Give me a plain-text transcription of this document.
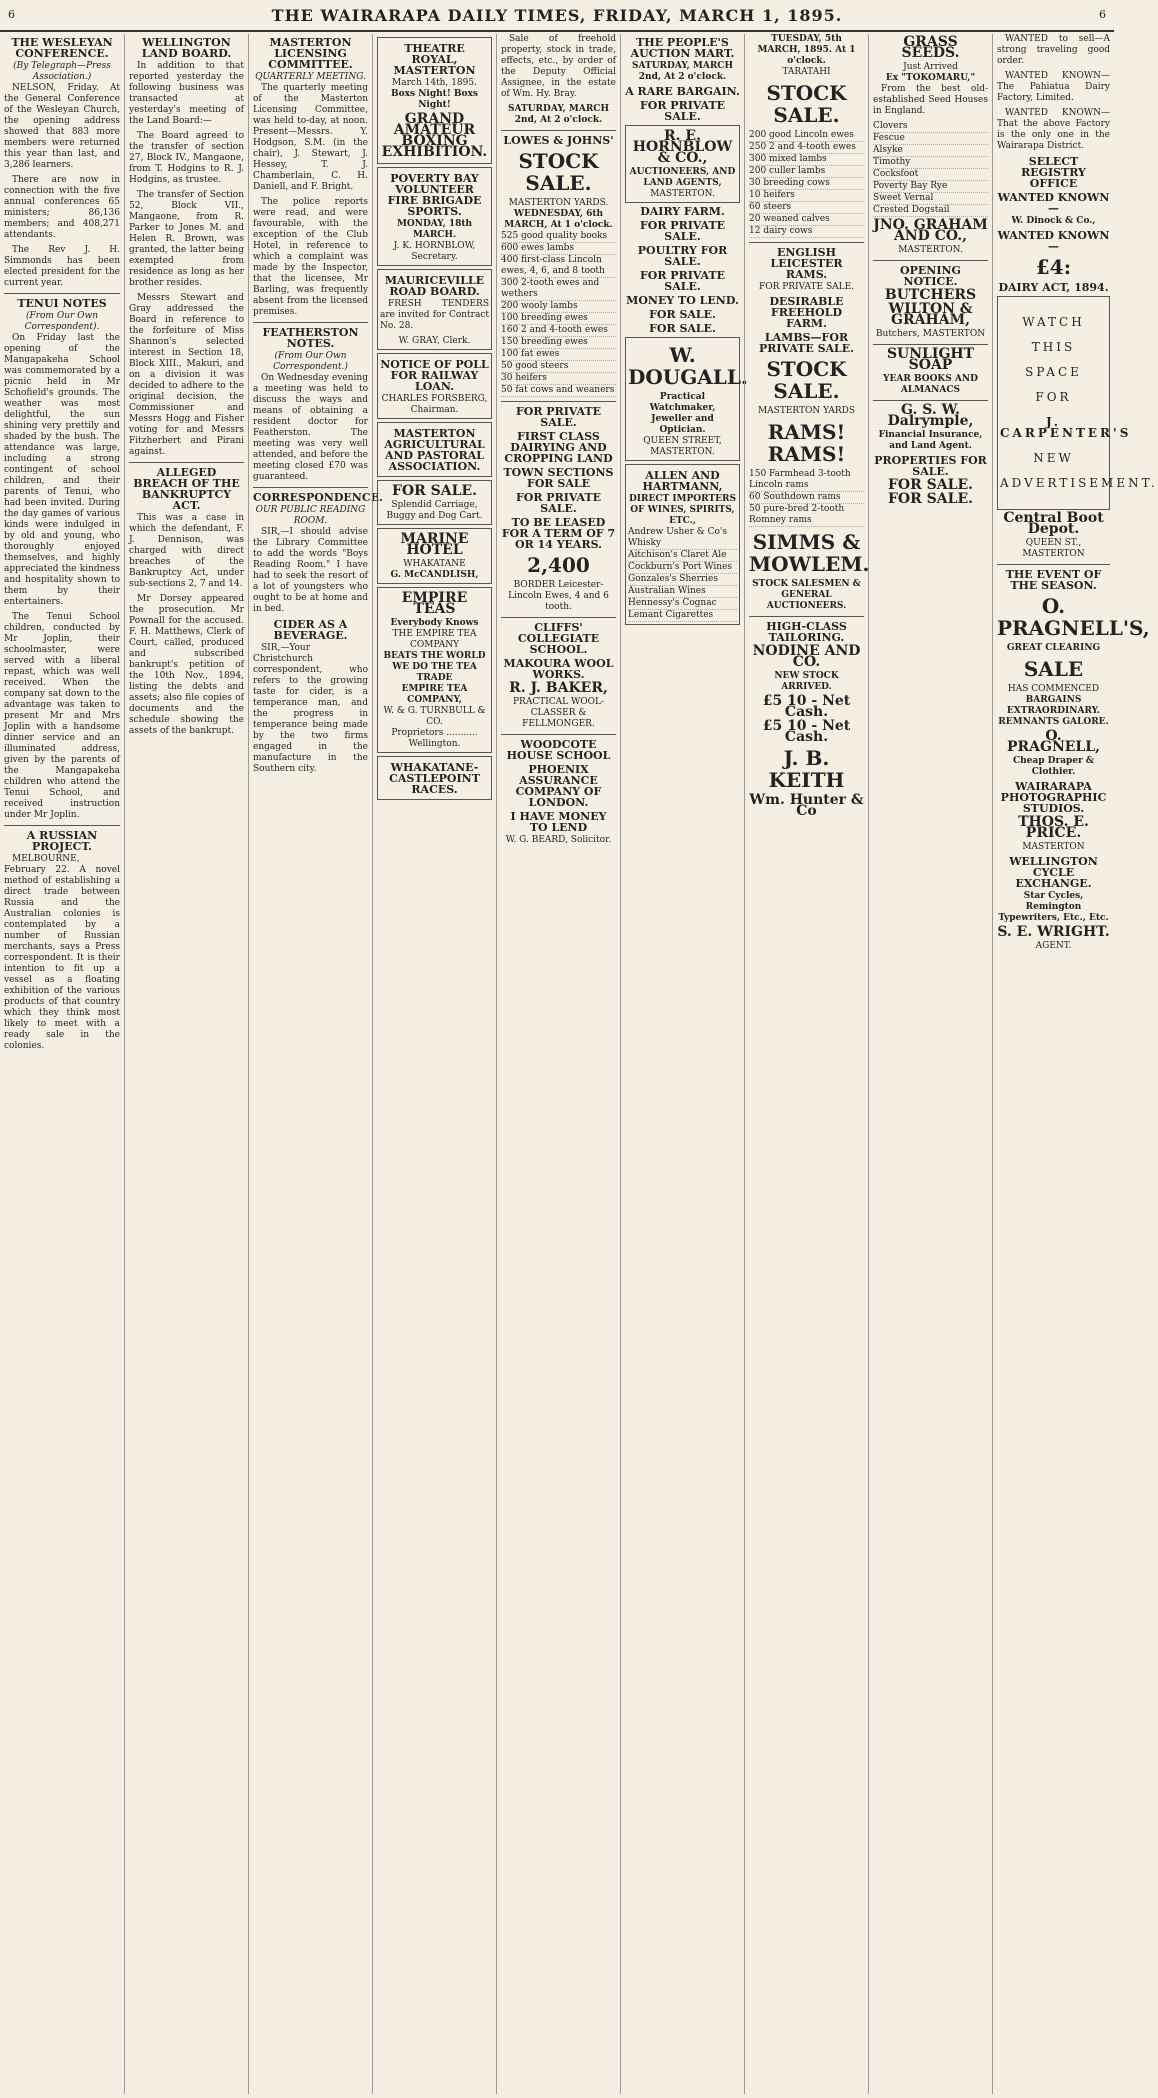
6	THE WAIRARAPA DAILY TIMES, FRIDAY, MARCH 1, 1895.	6
THE WESLEYAN CONFERENCE.
(By Telegraph—Press Association.)
NELSON, Friday. At the General Conference of the Wesleyan Church, the opening address showed that 883 more members were returned this year than last, and 3,286 learners.
There are now in connection with the five annual conferences 65 ministers; 86,136 members; and 408,271 attendants.
The Rev J. H. Simmonds has been elected president for the current year.
TENUI NOTES
(From Our Own Correspondent).
On Friday last the opening of the Mangapakeha School was commemorated by a picnic held in Mr Schofield's grounds. The weather was most delightful, the sun shining very prettily and shaded by the bush. The attendance was large, including a strong contingent of school children, and their parents of Tenui, who had been invited. During the day games of various kinds were indulged in by old and young, who thoroughly enjoyed themselves, and highly appreciated the kindness and hospitality shown to them by their entertainers.
The Tenui School children, conducted by Mr Joplin, their schoolmaster, were served with a liberal repast, which was well received. When the company sat down to the advantage was taken to present Mr and Mrs Joplin with a handsome dinner service and an illuminated address, given by the parents of the Mangapakeha children who attend the Tenui School, and received instruction under Mr Joplin.
A RUSSIAN PROJECT.
MELBOURNE, February 22. A novel method of establishing a direct trade between Russia and the Australian colonies is contemplated by a number of Russian merchants, says a Press correspondent. It is their intention to fit up a vessel as a floating exhibition of the various products of that country which they think most likely to meet with a ready sale in the colonies.
WELLINGTON LAND BOARD.
In addition to that reported yesterday the following business was transacted at yesterday's meeting of the Land Board:—
The Board agreed to the transfer of section 27, Block IV., Mangaone, from T. Hodgins to R. J. Hodgins, as trustee.
The transfer of Section 52, Block VII., Mangaone, from R. Parker to Jones M. and Helen R. Brown, was granted, the latter being exempted from residence as long as her brother resides.
Messrs Stewart and Gray addressed the Board in reference to the forfeiture of Miss Shannon's selected interest in Section 18, Block XIII., Makuri, and on a division it was decided to adhere to the original decision, the Commissioner and Messrs Hogg and Fisher voting for and Messrs Fitzherbert and Pirani against.
ALLEGED BREACH OF THE BANKRUPTCY ACT.
This was a case in which the defendant, F. J. Dennison, was charged with direct breaches of the Bankruptcy Act, under sub-sections 2, 7 and 14.
Mr Dorsey appeared the prosecution. Mr Pownall for the accused. F. H. Matthews, Clerk of Court, called, produced and subscribed bankrupt's petition of the 10th Nov., 1894, listing the debts and assets; also file copies of documents and the schedule showing the assets of the bankrupt.
MASTERTON LICENSING COMMITTEE.
QUARTERLY MEETING.
The quarterly meeting of the Masterton Licensing Committee, was held to-day, at noon. Present—Messrs. Y. Hodgson, S.M. (in the chair), J. Stewart, J. Hessey, T. J. Chamberlain, C. H. Daniell, and F. Bright.
The police reports were read, and were favourable, with the exception of the Club Hotel, in reference to which a complaint was made by the Inspector, that the licensee, Mr Barling, was frequently absent from the licensed premises.
FEATHERSTON NOTES.
(From Our Own Correspondent.)
On Wednesday evening a meeting was held to discuss the ways and means of obtaining a resident doctor for Featherston. The meeting was very well attended, and before the meeting closed £70 was guaranteed.
CORRESPONDENCE.
OUR PUBLIC READING ROOM.
SIR,—I should advise the Library Committee to add the words "Boys Reading Room." I have had to seek the resort of a lot of youngsters who ought to be at home and in bed.
CIDER AS A BEVERAGE.
SIR,—Your Christchurch correspondent, who refers to the growing taste for cider, is a temperance man, and the progress in temperance being made by the two firms engaged in the manufacture in the Southern city.
THEATRE ROYAL, MASTERTON
March 14th, 1895.
Boxs Night! Boxs Night!
GRAND AMATEUR BOXING EXHIBITION.
POVERTY BAY VOLUNTEER FIRE BRIGADE SPORTS.
MONDAY, 18th MARCH.
J. K. HORNBLOW, Secretary.
MAURICEVILLE ROAD BOARD.
FRESH TENDERS are invited for Contract No. 28.
W. GRAY, Clerk.
NOTICE OF POLL FOR RAILWAY LOAN.
CHARLES FORSBERG, Chairman.
MASTERTON AGRICULTURAL AND PASTORAL ASSOCIATION.
FOR SALE.
Splendid Carriage, Buggy and Dog Cart.
MARINE HOTEL
WHAKATANE
G. McCANDLISH,
EMPIRE TEAS
Everybody Knows
THE EMPIRE TEA COMPANY
BEATS THE WORLD
WE DO THE TEA TRADE
EMPIRE TEA COMPANY,
W. & G. TURNBULL & CO.
Proprietors ........... Wellington.
WHAKATANE-CASTLEPOINT RACES.
Sale of freehold property, stock in trade, effects, etc., by order of the Deputy Official Assignee, in the estate of Wm. Hy. Bray.
SATURDAY, MARCH 2nd, At 2 o'clock.
LOWES & JOHNS'
STOCK SALE.
MASTERTON YARDS.
WEDNESDAY, 6th MARCH, At 1 o'clock.
525 good quality books
600 ewes lambs
400 first-class Lincoln ewes, 4, 6, and 8 tooth
300 2-tooth ewes and wethers
200 wooly lambs
100 breeding ewes
160 2 and 4-tooth ewes
150 breeding ewes
100 fat ewes
50 good steers
30 heifers
50 fat cows and weaners
FOR PRIVATE SALE.
FIRST CLASS DAIRYING AND CROPPING LAND
TOWN SECTIONS FOR SALE
FOR PRIVATE SALE.
TO BE LEASED FOR A TERM OF 7 OR 14 YEARS.
2,400
BORDER Leicester-Lincoln Ewes, 4 and 6 tooth.
CLIFFS' COLLEGIATE SCHOOL.
MAKOURA WOOL WORKS.
R. J. BAKER,
PRACTICAL WOOL-CLASSER & FELLMONGER.
WOODCOTE HOUSE SCHOOL
PHOENIX ASSURANCE COMPANY OF LONDON.
I HAVE MONEY TO LEND
W. G. BEARD, Solicitor.
THE PEOPLE'S AUCTION MART.
SATURDAY, MARCH 2nd, At 2 o'clock.
A RARE BARGAIN.
FOR PRIVATE SALE.
R. E. HORNBLOW & CO.,
AUCTIONEERS, AND LAND AGENTS,
MASTERTON.
DAIRY FARM.
FOR PRIVATE SALE.
POULTRY FOR SALE.
FOR PRIVATE SALE.
MONEY TO LEND.
FOR SALE.
FOR SALE.
W. DOUGALL.
Practical Watchmaker, Jeweller and Optician.
QUEEN STREET, MASTERTON.
ALLEN AND HARTMANN,
DIRECT IMPORTERS OF WINES, SPIRITS, ETC.,
Andrew Usher & Co's Whisky
Aitchison's Claret Ale
Cockburn's Port Wines
Gonzales's Sherries
Australian Wines
Hennessy's Cognac
Lemant Cigarettes
TUESDAY, 5th MARCH, 1895. At 1 o'clock.
TARATAHI
STOCK SALE.
200 good Lincoln ewes
250 2 and 4-tooth ewes
300 mixed lambs
200 culler lambs
30 breeding cows
10 heifers
60 steers
20 weaned calves
12 dairy cows
ENGLISH LEICESTER RAMS.
FOR PRIVATE SALE.
DESIRABLE FREEHOLD FARM.
LAMBS—FOR PRIVATE SALE.
STOCK SALE.
MASTERTON YARDS
RAMS! RAMS!
150 Farmhead 3-tooth Lincoln rams
60 Southdown rams
50 pure-bred 2-tooth Romney rams
SIMMS & MOWLEM.
STOCK SALESMEN & GENERAL AUCTIONEERS.
HIGH-CLASS TAILORING.
NODINE AND CO.
NEW STOCK ARRIVED.
£5 10 - Net Cash.
£5 10 - Net Cash.
J. B. KEITH
Wm. Hunter & Co
GRASS SEEDS.
Just Arrived
Ex "TOKOMARU,"
From the best old-established Seed Houses in England.
Clovers
Fescue
Alsyke
Timothy
Cocksfoot
Poverty Bay Rye
Sweet Vernal
Crested Dogstail
JNO. GRAHAM AND CO.,
MASTERTON.
OPENING NOTICE.
BUTCHERS
WILTON & GRAHAM,
Butchers, MASTERTON
SUNLIGHT SOAP
YEAR BOOKS AND ALMANACS
G. S. W. Dalrymple,
Financial Insurance, and Land Agent.
PROPERTIES FOR SALE.
FOR SALE.
FOR SALE.
WANTED to sell—A strong traveling good order.
WANTED KNOWN—The Pahiatua Dairy Factory, Limited.
WANTED KNOWN—That the above Factory is the only one in the Wairarapa District.
SELECT REGISTRY OFFICE
WANTED KNOWN—
W. Dinock & Co.,
WANTED KNOWN—
£4:
DAIRY ACT, 1894.
WATCH
THIS
SPACE
FOR
J. CARPENTER'S
NEW
ADVERTISEMENT.
Central Boot Depot.
QUEEN ST., MASTERTON
THE EVENT OF THE SEASON.
O. PRAGNELL'S,
GREAT CLEARING
SALE
HAS COMMENCED
BARGAINS EXTRAORDINARY.
REMNANTS GALORE.
O. PRAGNELL,
Cheap Draper & Clothier.
WAIRARAPA PHOTOGRAPHIC STUDIOS.
THOS. E. PRICE.
MASTERTON
WELLINGTON CYCLE EXCHANGE.
Star Cycles, Remington Typewriters, Etc., Etc.
S. E. WRIGHT.
AGENT.
